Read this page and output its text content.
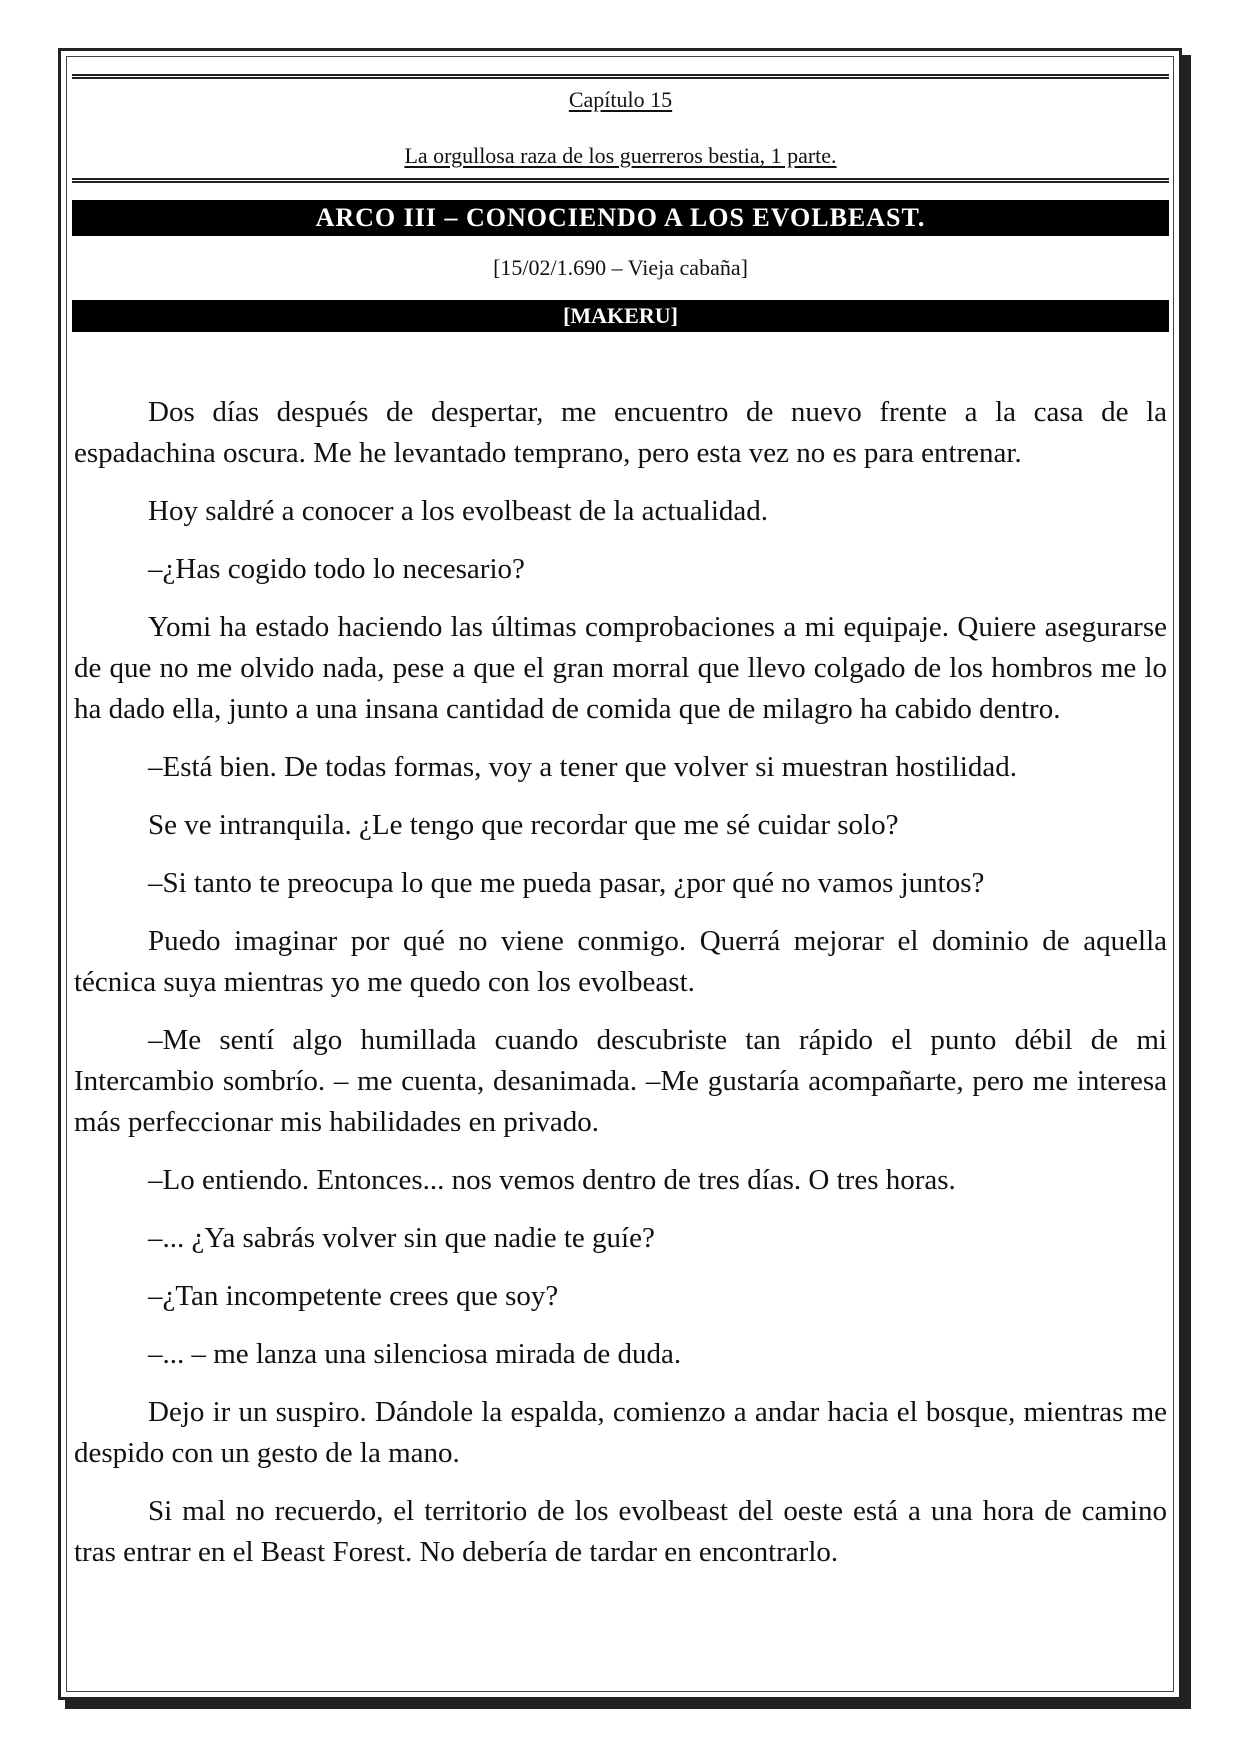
Capítulo 15
La orgullosa raza de los guerreros bestia, 1 parte.
ARCO III – CONOCIENDO A LOS EVOLBEAST.
[15/02/1.690 – Vieja cabaña]
[MAKERU]

Dos días después de despertar, me encuentro de nuevo frente a la casa de la espadachina oscura. Me he levantado temprano, pero esta vez no es para entrenar.

Hoy saldré a conocer a los evolbeast de la actualidad.

–¿Has cogido todo lo necesario?

Yomi ha estado haciendo las últimas comprobaciones a mi equipaje. Quiere asegurarse de que no me olvido nada, pese a que el gran morral que llevo colgado de los hombros me lo ha dado ella, junto a una insana cantidad de comida que de milagro ha cabido dentro.

–Está bien. De todas formas, voy a tener que volver si muestran hostilidad.

Se ve intranquila. ¿Le tengo que recordar que me sé cuidar solo?

–Si tanto te preocupa lo que me pueda pasar, ¿por qué no vamos juntos?

Puedo imaginar por qué no viene conmigo. Querrá mejorar el dominio de aquella técnica suya mientras yo me quedo con los evolbeast.

–Me sentí algo humillada cuando descubriste tan rápido el punto débil de mi Intercambio sombrío. – me cuenta, desanimada. –Me gustaría acompañarte, pero me interesa más perfeccionar mis habilidades en privado.

–Lo entiendo. Entonces... nos vemos dentro de tres días. O tres horas.

–... ¿Ya sabrás volver sin que nadie te guíe?

–¿Tan incompetente crees que soy?

–... – me lanza una silenciosa mirada de duda.

Dejo ir un suspiro. Dándole la espalda, comienzo a andar hacia el bosque, mientras me despido con un gesto de la mano.

Si mal no recuerdo, el territorio de los evolbeast del oeste está a una hora de camino tras entrar en el Beast Forest. No debería de tardar en encontrarlo.
